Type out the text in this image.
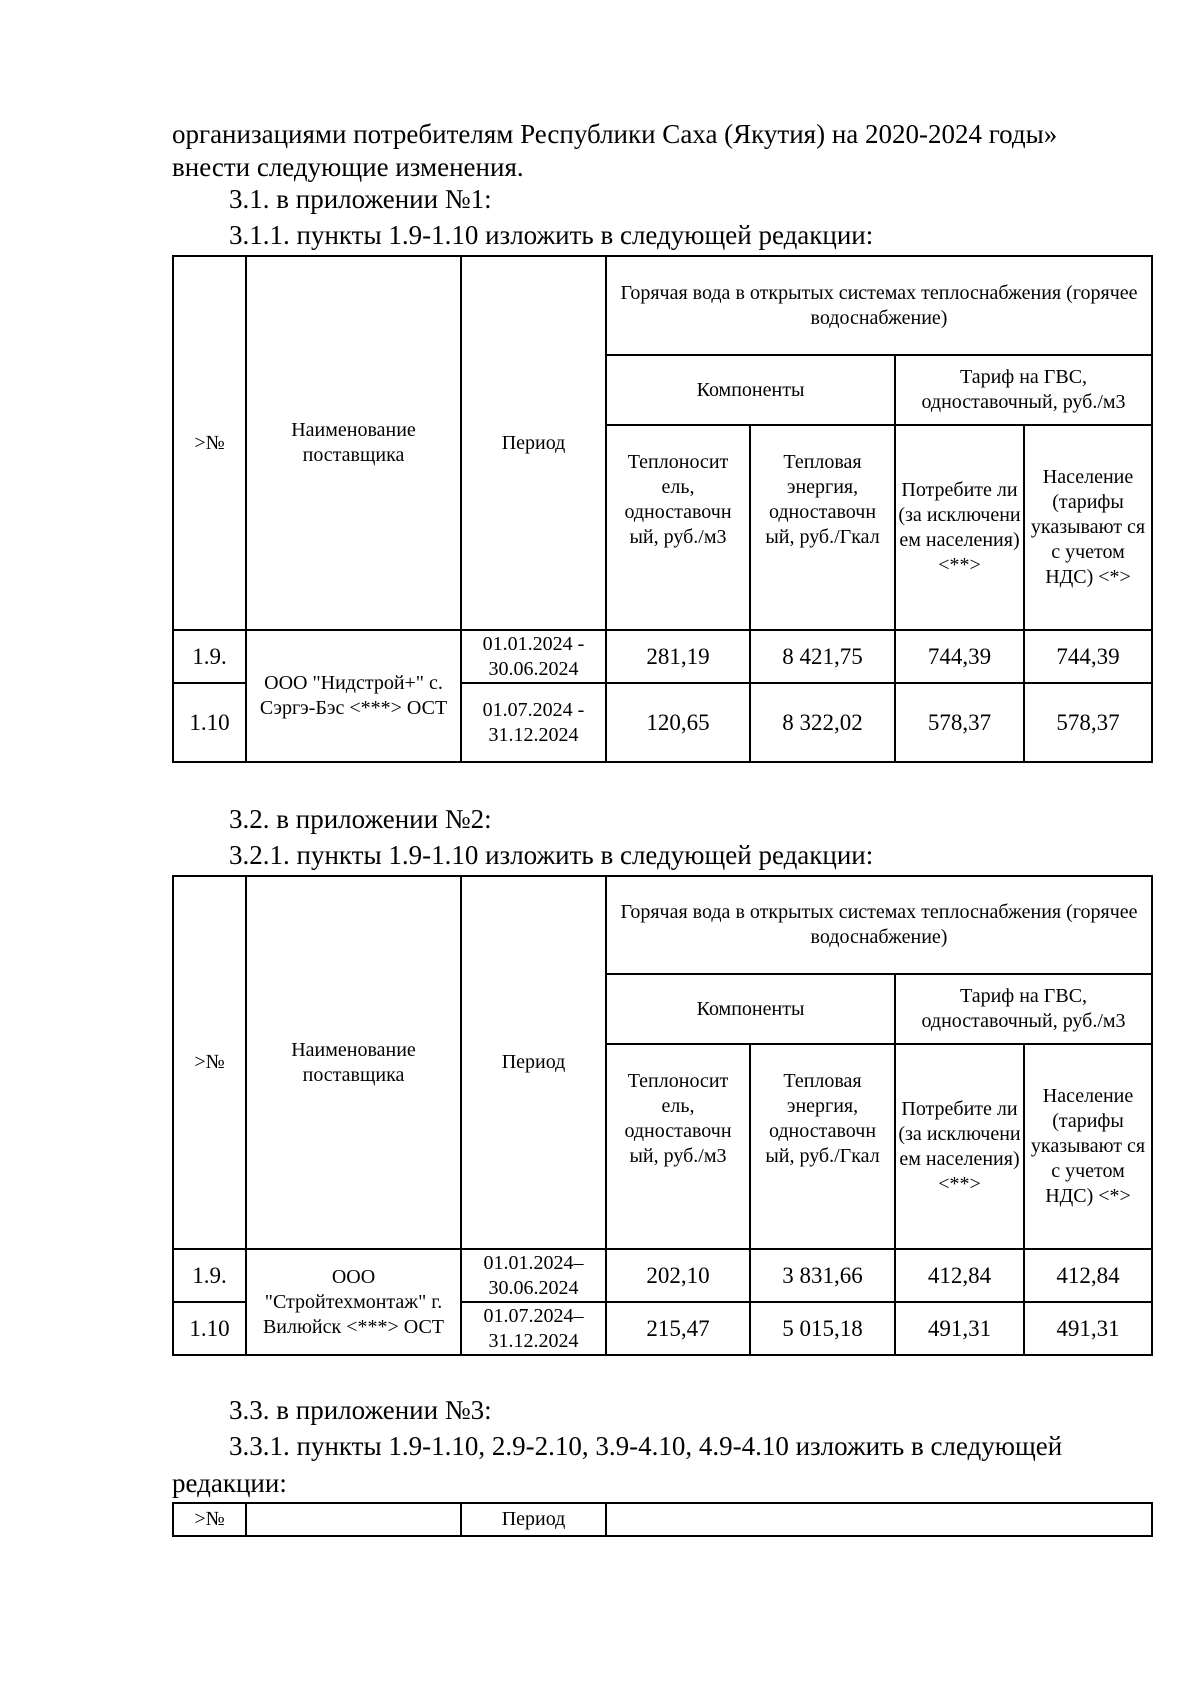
организациями потребителям Республики Саха (Якутия) на 2020-2024 годы»
внести следующие изменения.
3.1. в приложении №1:
3.1.1. пункты 1.9-1.10 изложить в следующей редакции:
>№	Наименование поставщика	Период	Горячая вода в открытых системах теплоснабжения (горячее водоснабжение)			
			Компоненты		Тариф на ГВС, одноставочный, руб./м3	
			Теплоносит ель, одноставочн ый, руб./м3	Тепловая энергия, одноставочн ый, руб./Гкал	Потребите ли (за исключени ем населения) <**>	Население (тарифы указывают ся с учетом НДС) <*>
1.9.	ООО "Нидстрой+" с. Сэргэ-Бэс <***> ОСТ	01.01.2024 - 30.06.2024	281,19	8 421,75	744,39	744,39
1.10		01.07.2024 - 31.12.2024	120,65	8 322,02	578,37	578,37
3.2. в приложении №2:
3.2.1. пункты 1.9-1.10 изложить в следующей редакции:
>№	Наименование поставщика	Период	Горячая вода в открытых системах теплоснабжения (горячее водоснабжение)			
			Компоненты		Тариф на ГВС, одноставочный, руб./м3	
			Теплоносит ель, одноставочн ый, руб./м3	Тепловая энергия, одноставочн ый, руб./Гкал	Потребите ли (за исключени ем населения) <**>	Население (тарифы указывают ся с учетом НДС) <*>
1.9.	ООО "Стройтехмонтаж" г. Вилюйск <***> ОСТ	01.01.2024– 30.06.2024	202,10	3 831,66	412,84	412,84
1.10		01.07.2024– 31.12.2024	215,47	5 015,18	491,31	491,31
3.3. в приложении №3:
3.3.1. пункты 1.9-1.10, 2.9-2.10, 3.9-4.10, 4.9-4.10 изложить в следующей
редакции:
>№		Период	
